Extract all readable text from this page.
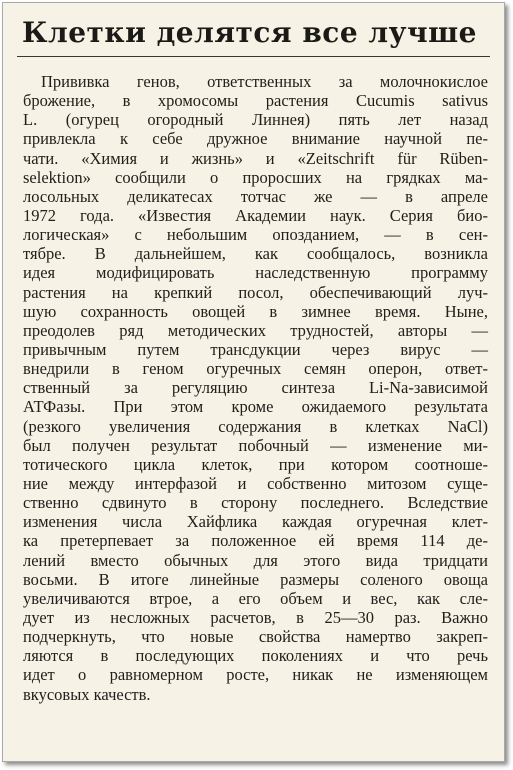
Клетки делятся все лучше
Прививка генов, ответственных за молочнокислое
брожение, в хромосомы растения Cucumis sativus
L. (огурец огородный Линнея) пять лет назад
привлекла к себе дружное внимание научной пе-
чати. «Химия и жизнь» и «Zeitschrift für Rüben-
selektion» сообщили о проросших на грядках ма-
лосольных деликатесах тотчас же — в апреле
1972 года. «Известия Академии наук. Серия био-
логическая» с небольшим опозданием, — в сен-
тябре. В дальнейшем, как сообщалось, возникла
идея модифицировать наследственную программу
растения на крепкий посол, обеспечивающий луч-
шую сохранность овощей в зимнее время. Ныне,
преодолев ряд методических трудностей, авторы —
привычным путем трансдукции через вирус —
внедрили в геном огуречных семян оперон, ответ-
ственный за регуляцию синтеза Li-Na-зависимой
АТФазы. При этом кроме ожидаемого результата
(резкого увеличения содержания в клетках NaCl)
был получен результат побочный — изменение ми-
тотического цикла клеток, при котором соотноше-
ние между интерфазой и собственно митозом суще-
ственно сдвинуто в сторону последнего. Вследствие
изменения числа Хайфлика каждая огуречная клет-
ка претерпевает за положенное ей время 114 де-
лений вместо обычных для этого вида тридцати
восьми. В итоге линейные размеры соленого овоща
увеличиваются втрое, а его объем и вес, как сле-
дует из несложных расчетов, в 25—30 раз. Важно
подчеркнуть, что новые свойства намертво закреп-
ляются в последующих поколениях и что речь
идет о равномерном росте, никак не изменяющем
вкусовых качеств.
